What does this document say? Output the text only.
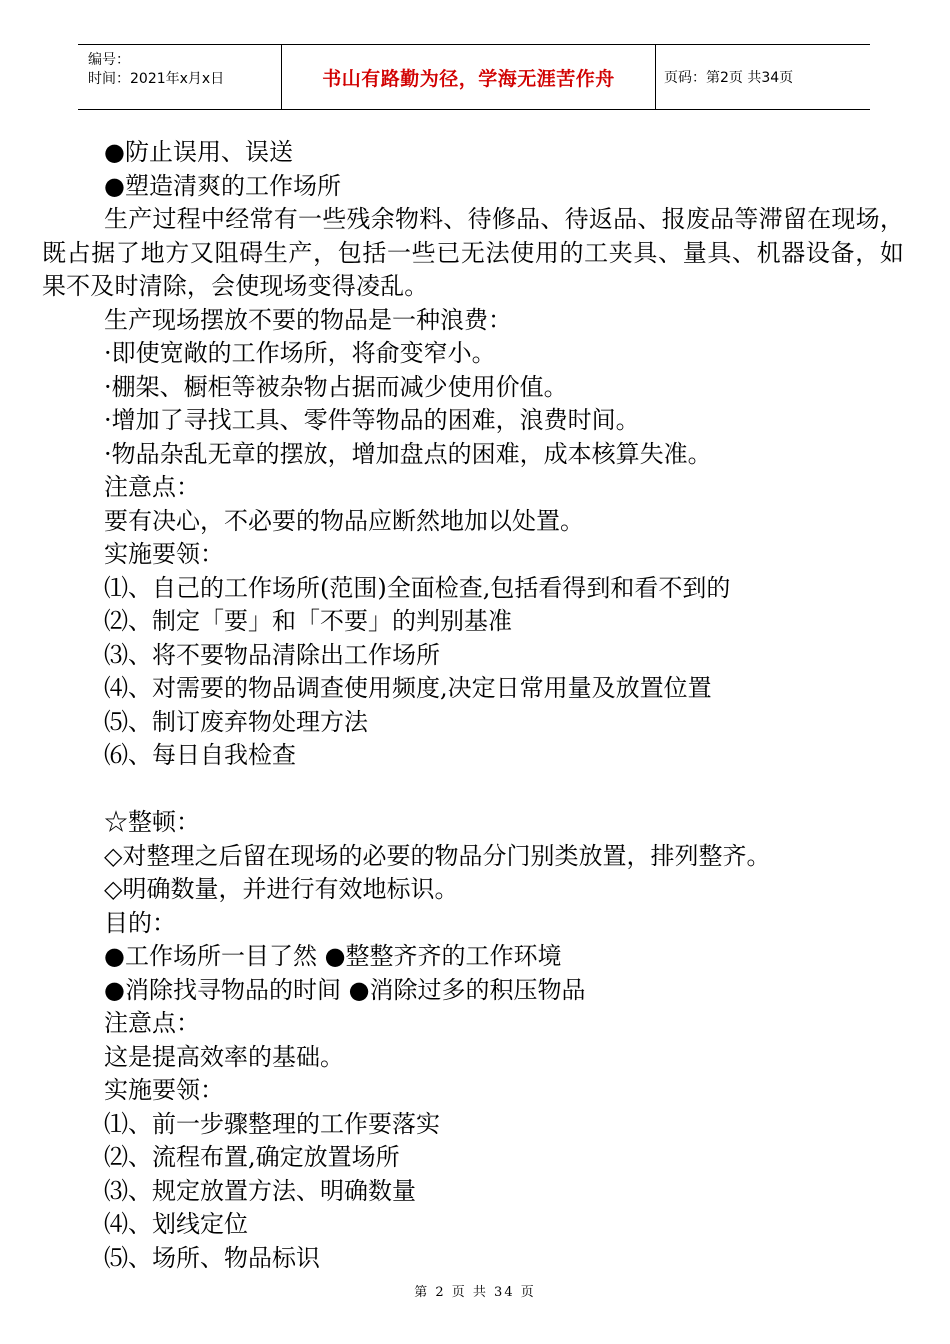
编号：
时间：2021年x月x日	书山有路勤为径，学海无涯苦作舟	页码：第2页 共34页
●防止误用、误送
●塑造清爽的工作场所
生产过程中经常有一些残余物料、待修品、待返品、报废品等滞留在现场，既占据了地方又阻碍生产，包括一些已无法使用的工夹具、量具、机器设备，如果不及时清除，会使现场变得凌乱。
生产现场摆放不要的物品是一种浪费：
·即使宽敞的工作场所，将俞变窄小。
·棚架、橱柜等被杂物占据而减少使用价值。
·增加了寻找工具、零件等物品的困难，浪费时间。
·物品杂乱无章的摆放，增加盘点的困难，成本核算失准。
注意点：
要有决心，不必要的物品应断然地加以处置。
实施要领：
⑴、自己的工作场所(范围)全面检查,包括看得到和看不到的
⑵、制定「要」和「不要」的判别基准
⑶、将不要物品清除出工作场所
⑷、对需要的物品调查使用频度,决定日常用量及放置位置
⑸、制订废弃物处理方法
⑹、每日自我检查
☆整顿：
◇对整理之后留在现场的必要的物品分门别类放置，排列整齐。
◇明确数量，并进行有效地标识。
目的：
●工作场所一目了然 ●整整齐齐的工作环境
●消除找寻物品的时间 ●消除过多的积压物品
注意点：
这是提高效率的基础。
实施要领：
⑴、前一步骤整理的工作要落实
⑵、流程布置,确定放置场所
⑶、规定放置方法、明确数量
⑷、划线定位
⑸、场所、物品标识
第 2 页 共 34 页
